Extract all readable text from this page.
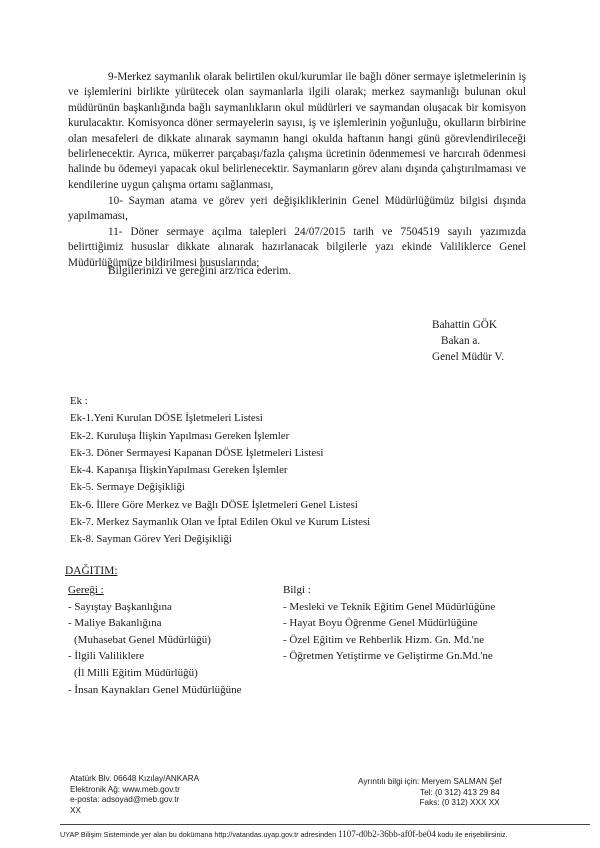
9-Merkez saymanlık olarak belirtilen okul/kurumlar ile bağlı döner sermaye işletmelerinin iş ve işlemlerini birlikte yürütecek olan saymanlarla ilgili olarak; merkez saymanlığı bulunan okul müdürünün başkanlığında bağlı saymanlıkların okul müdürleri ve saymandan oluşacak bir komisyon kurulacaktır. Komisyonca döner sermayelerin sayısı, iş ve işlemlerinin yoğunluğu, okulların birbirine olan mesafeleri de dikkate alınarak saymanın hangi okulda haftanın hangi günü görevlendirileceği belirlenecektir. Ayrıca, mükerrer parçabaşı/fazla çalışma ücretinin ödenmemesi ve harcırah ödenmesi halinde bu ödemeyi yapacak okul belirlenecektir. Saymanların görev alanı dışında çalıştırılmaması ve kendilerine uygun çalışma ortamı sağlanması,

10- Sayman atama ve görev yeri değişikliklerinin Genel Müdürlüğümüz bilgisi dışında yapılmaması,

11- Döner sermaye açılma talepleri 24/07/2015 tarih ve 7504519 sayılı yazımızda belirttiğimiz hususlar dikkate alınarak hazırlanacak bilgilerle yazı ekinde Valiliklerce Genel Müdürlüğümüze bildirilmesi hususlarında;

Bilgilerinizi ve gereğini arz/rica ederim.
Bahattin GÖK
Bakan a.
Genel Müdür V.
Ek :
Ek-1.Yeni Kurulan DÖSE İşletmeleri Listesi
Ek-2. Kuruluşa İlişkin Yapılması Gereken İşlemler
Ek-3. Döner Sermayesi Kapanan DÖSE İşletmeleri Listesi
Ek-4. Kapanışa İlişkinYapılması Gereken İşlemler
Ek-5. Sermaye Değişikliği
Ek-6. İllere Göre Merkez ve Bağlı DÖSE İşletmeleri Genel Listesi
Ek-7. Merkez Saymanlık Olan ve İptal Edilen Okul ve Kurum Listesi
Ek-8. Sayman Görev Yeri Değişikliği
DAĞITIM:
Gereği :
- Sayıştay Başkanlığına
- Maliye Bakanlığına
(Muhasebat Genel Müdürlüğü)
- İlgili Valiliklere
(İl Milli Eğitim Müdürlüğü)
- İnsan Kaynakları Genel Müdürlüğüne
Bilgi :
- Mesleki ve Teknik Eğitim Genel Müdürlüğüne
- Hayat Boyu Öğrenme Genel Müdürlüğüne
- Özel Eğitim ve Rehberlik Hizm. Gn. Md.'ne
- Öğretmen Yetiştirme ve Geliştirme Gn.Md.'ne
Atatürk Blv. 06648 Kızılay/ANKARA
Elektronik Ağ: www.meb.gov.tr
e-posta: adsoyad@meb.gov.tr
XX
Ayrıntılı bilgi için: Meryem SALMAN Şef
Tel: (0 312) 413 29 84
Faks: (0 312) XXX XX
UYAP Bilişim Sisteminde yer alan bu dokümana http://vatandas.uyap.gov.tr adresinden 1107-d0b2-36bb-af0f-be04 kodu ile erişebilirsiniz.
